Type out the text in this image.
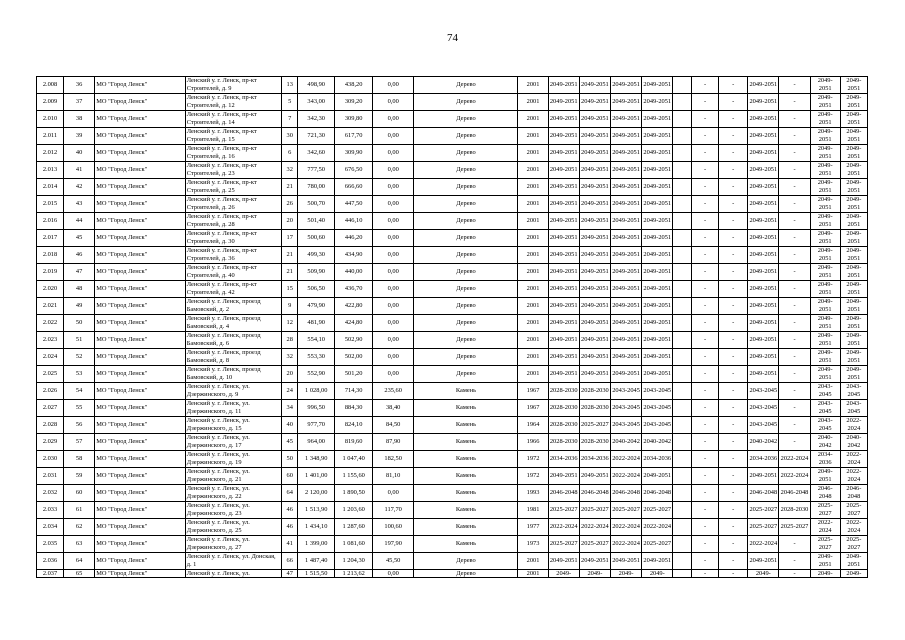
74
2.008	36	МО "Город Ленск"	Ленский у. г. Ленск, пр-кт Строителей, д. 9	13	498,90	438,20	0,00	Дерево	2001	2049-2051	2049-2051	2049-2051	2049-2051		-	-	2049-2051	-	2049-2051	2049-2051
2.009	37	МО "Город Ленск"	Ленский у. г. Ленск, пр-кт Строителей, д. 12	5	343,00	309,20	0,00	Дерево	2001	2049-2051	2049-2051	2049-2051	2049-2051		-	-	2049-2051	-	2049-2051	2049-2051
2.010	38	МО "Город Ленск"	Ленский у. г. Ленск, пр-кт Строителей, д. 14	7	342,30	309,80	0,00	Дерево	2001	2049-2051	2049-2051	2049-2051	2049-2051		-	-	2049-2051	-	2049-2051	2049-2051
2.011	39	МО "Город Ленск"	Ленский у. г. Ленск, пр-кт Строителей, д. 15	30	721,30	617,70	0,00	Дерево	2001	2049-2051	2049-2051	2049-2051	2049-2051		-	-	2049-2051	-	2049-2051	2049-2051
2.012	40	МО "Город Ленск"	Ленский у. г. Ленск, пр-кт Строителей, д. 16	6	342,60	309,90	0,00	Дерево	2001	2049-2051	2049-2051	2049-2051	2049-2051		-	-	2049-2051	-	2049-2051	2049-2051
2.013	41	МО "Город Ленск"	Ленский у. г. Ленск, пр-кт Строителей, д. 23	32	777,50	676,50	0,00	Дерево	2001	2049-2051	2049-2051	2049-2051	2049-2051		-	-	2049-2051	-	2049-2051	2049-2051
2.014	42	МО "Город Ленск"	Ленский у. г. Ленск, пр-кт Строителей, д. 25	21	780,00	666,60	0,00	Дерево	2001	2049-2051	2049-2051	2049-2051	2049-2051		-	-	2049-2051	-	2049-2051	2049-2051
2.015	43	МО "Город Ленск"	Ленский у. г. Ленск, пр-кт Строителей, д. 26	26	500,70	447,50	0,00	Дерево	2001	2049-2051	2049-2051	2049-2051	2049-2051		-	-	2049-2051	-	2049-2051	2049-2051
2.016	44	МО "Город Ленск"	Ленский у. г. Ленск, пр-кт Строителей, д. 28	20	501,40	446,10	0,00	Дерево	2001	2049-2051	2049-2051	2049-2051	2049-2051		-	-	2049-2051	-	2049-2051	2049-2051
2.017	45	МО "Город Ленск"	Ленский у. г. Ленск, пр-кт Строителей, д. 30	17	500,60	446,20	0,00	Дерево	2001	2049-2051	2049-2051	2049-2051	2049-2051		-	-	2049-2051	-	2049-2051	2049-2051
2.018	46	МО "Город Ленск"	Ленский у. г. Ленск, пр-кт Строителей, д. 36	21	499,30	434,90	0,00	Дерево	2001	2049-2051	2049-2051	2049-2051	2049-2051		-	-	2049-2051	-	2049-2051	2049-2051
2.019	47	МО "Город Ленск"	Ленский у. г. Ленск, пр-кт Строителей, д. 40	21	509,90	440,00	0,00	Дерево	2001	2049-2051	2049-2051	2049-2051	2049-2051		-	-	2049-2051	-	2049-2051	2049-2051
2.020	48	МО "Город Ленск"	Ленский у. г. Ленск, пр-кт Строителей, д. 42	15	506,50	436,70	0,00	Дерево	2001	2049-2051	2049-2051	2049-2051	2049-2051		-	-	2049-2051	-	2049-2051	2049-2051
2.021	49	МО "Город Ленск"	Ленский у. г. Ленск, проезд Бамовский, д. 2	9	479,90	422,80	0,00	Дерево	2001	2049-2051	2049-2051	2049-2051	2049-2051		-	-	2049-2051	-	2049-2051	2049-2051
2.022	50	МО "Город Ленск"	Ленский у. г. Ленск, проезд Бамовский, д. 4	12	481,90	424,80	0,00	Дерево	2001	2049-2051	2049-2051	2049-2051	2049-2051		-	-	2049-2051	-	2049-2051	2049-2051
2.023	51	МО "Город Ленск"	Ленский у. г. Ленск, проезд Бамовский, д. 6	28	554,10	502,90	0,00	Дерево	2001	2049-2051	2049-2051	2049-2051	2049-2051		-	-	2049-2051	-	2049-2051	2049-2051
2.024	52	МО "Город Ленск"	Ленский у. г. Ленск, проезд Бамовский, д. 8	32	553,30	502,00	0,00	Дерево	2001	2049-2051	2049-2051	2049-2051	2049-2051		-	-	2049-2051	-	2049-2051	2049-2051
2.025	53	МО "Город Ленск"	Ленский у. г. Ленск, проезд Бамовский, д. 10	20	552,90	501,20	0,00	Дерево	2001	2049-2051	2049-2051	2049-2051	2049-2051		-	-	2049-2051	-	2049-2051	2049-2051
2.026	54	МО "Город Ленск"	Ленский у. г. Ленск, ул. Дзержинского, д. 9	24	1 028,00	714,30	235,60	Камень	1967	2028-2030	2028-2030	2043-2045	2043-2045		-	-	2043-2045	-	2043-2045	2043-2045
2.027	55	МО "Город Ленск"	Ленский у. г. Ленск, ул. Дзержинского, д. 11	34	996,50	884,30	38,40	Камень	1967	2028-2030	2028-2030	2043-2045	2043-2045		-	-	2043-2045	-	2043-2045	2043-2045
2.028	56	МО "Город Ленск"	Ленский у. г. Ленск, ул. Дзержинского, д. 15	40	977,70	824,10	84,50	Камень	1964	2028-2030	2025-2027	2043-2045	2043-2045		-	-	2043-2045	-	2043-2045	2022-2024
2.029	57	МО "Город Ленск"	Ленский у. г. Ленск, ул. Дзержинского, д. 17	45	964,00	819,60	87,90	Камень	1966	2028-2030	2028-2030	2040-2042	2040-2042		-	-	2040-2042	-	2040-2042	2040-2042
2.030	58	МО "Город Ленск"	Ленский у. г. Ленск, ул. Дзержинского, д. 19	50	1 348,90	1 047,40	182,50	Камень	1972	2034-2036	2034-2036	2022-2024	2034-2036		-	-	2034-2036	2022-2024	2034-2036	2022-2024
2.031	59	МО "Город Ленск"	Ленский у. г. Ленск, ул. Дзержинского, д. 21	60	1 401,00	1 155,60	81,10	Камень	1972	2049-2051	2049-2051	2022-2024	2049-2051		-	-	2049-2051	2022-2024	2049-2051	2022-2024
2.032	60	МО "Город Ленск"	Ленский у. г. Ленск, ул. Дзержинского, д. 22	64	2 120,00	1 890,50	0,00	Камень	1993	2046-2048	2046-2048	2046-2048	2046-2048		-	-	2046-2048	2046-2048	2046-2048	2046-2048
2.033	61	МО "Город Ленск"	Ленский у. г. Ленск, ул. Дзержинского, д. 23	46	1 513,90	1 203,60	117,70	Камень	1981	2025-2027	2025-2027	2025-2027	2025-2027		-	-	2025-2027	2028-2030	2025-2027	2025-2027
2.034	62	МО "Город Ленск"	Ленский у. г. Ленск, ул. Дзержинского, д. 25	46	1 434,10	1 287,60	100,60	Камень	1977	2022-2024	2022-2024	2022-2024	2022-2024		-	-	2025-2027	2025-2027	2022-2024	2022-2024
2.035	63	МО "Город Ленск"	Ленский у. г. Ленск, ул. Дзержинского, д. 27	41	1 399,00	1 081,60	197,90	Камень	1973	2025-2027	2025-2027	2022-2024	2025-2027		-	-	2022-2024	-	2025-2027	2025-2027
2.036	64	МО "Город Ленск"	Ленский у. г. Ленск, ул. Донская, д. 1	66	1 487,40	1 204,30	45,50	Дерево	2001	2049-2051	2049-2051	2049-2051	2049-2051		-	-	2049-2051	-	2049-2051	2049-2051
2.037	65	МО "Город Ленск"	Ленский у. г. Ленск, ул.	47	1 515,50	1 213,62	0,00	Дерево	2001	2049-	2049-	2049-	2049-		-	-	2049-	-	2049-	2049-
